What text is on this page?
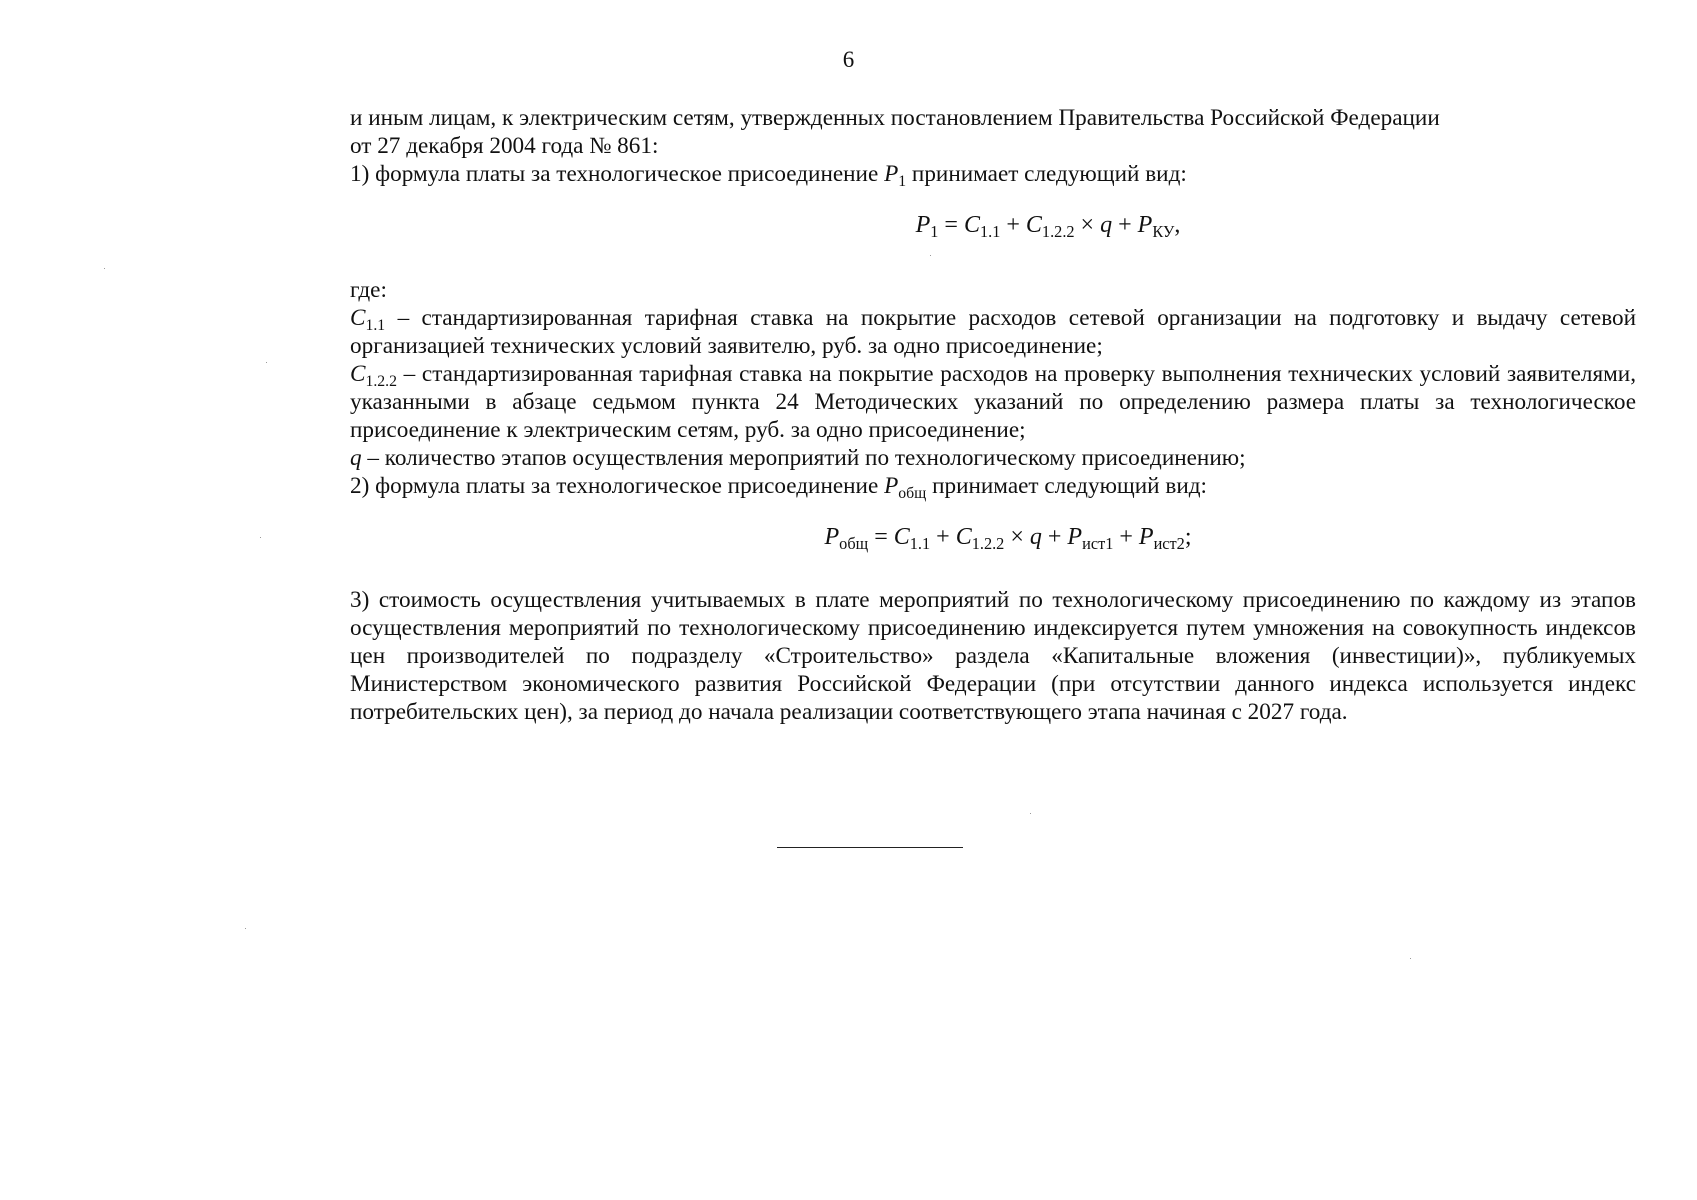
6

и иным лицам, к электрическим сетям, утвержденных постановлением Правительства Российской Федерации
от 27 декабря 2004 года № 861:

1) формула платы за технологическое присоединение $P_1$ принимает следующий вид:

$P_1 = C_{1.1} + C_{1.2.2} \times q + P_{КУ}$,

где:

$C_{1.1}$ – стандартизированная тарифная ставка на покрытие расходов сетевой организации на подготовку и выдачу сетевой организацией технических условий заявителю, руб. за одно присоединение;

$C_{1.2.2}$ – стандартизированная тарифная ставка на покрытие расходов на проверку выполнения технических условий заявителями, указанными в абзаце седьмом пункта 24 Методических указаний по определению размера платы за технологическое присоединение к электрическим сетям, руб. за одно присоединение;

q – количество этапов осуществления мероприятий по технологическому присоединению;

2) формула платы за технологическое присоединение $P_{общ}$ принимает следующий вид:

$P_{общ} = C_{1.1} + C_{1.2.2} \times q + P_{ист1} + P_{ист2}$;

3) стоимость осуществления учитываемых в плате мероприятий по технологическому присоединению по каждому из этапов осуществления мероприятий по технологическому присоединению индексируется путем умножения на совокупность индексов цен производителей по подразделу «Строительство» раздела «Капитальные вложения (инвестиции)», публикуемых Министерством экономического развития Российской Федерации (при отсутствии данного индекса используется индекс потребительских цен), за период до начала реализации соответствующего этапа начиная с 2027 года.
